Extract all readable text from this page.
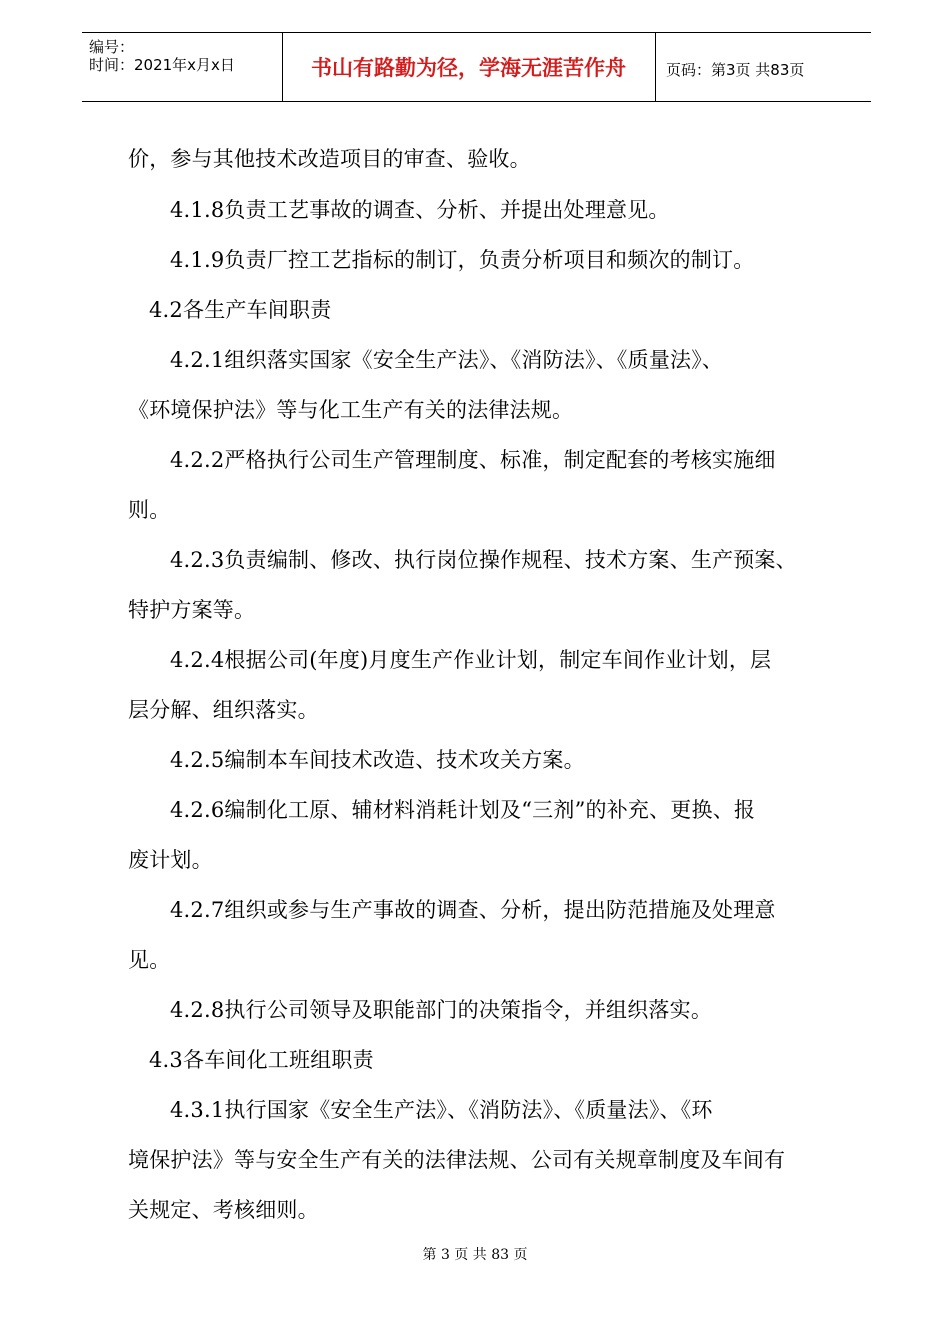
编号：
时间：2021年x月x日	书山有路勤为径，学海无涯苦作舟	页码：第3页 共83页
价，参与其他技术改造项目的审查、验收。
4.1.8负责工艺事故的调查、分析、并提出处理意见。
4.1.9负责厂控工艺指标的制订，负责分析项目和频次的制订。
4.2各生产车间职责
4.2.1组织落实国家《安全生产法》、《消防法》、《质量法》、
《环境保护法》等与化工生产有关的法律法规。
4.2.2严格执行公司生产管理制度、标准，制定配套的考核实施细
则。
4.2.3负责编制、修改、执行岗位操作规程、技术方案、生产预案、
特护方案等。
4.2.4根据公司(年度)月度生产作业计划，制定车间作业计划，层
层分解、组织落实。
4.2.5编制本车间技术改造、技术攻关方案。
4.2.6编制化工原、辅材料消耗计划及“三剂”的补充、更换、报
废计划。
4.2.7组织或参与生产事故的调查、分析，提出防范措施及处理意
见。
4.2.8执行公司领导及职能部门的决策指令，并组织落实。
4.3各车间化工班组职责
4.3.1执行国家《安全生产法》、《消防法》、《质量法》、《环
境保护法》等与安全生产有关的法律法规、公司有关规章制度及车间有
关规定、考核细则。
第 3 页 共 83 页
